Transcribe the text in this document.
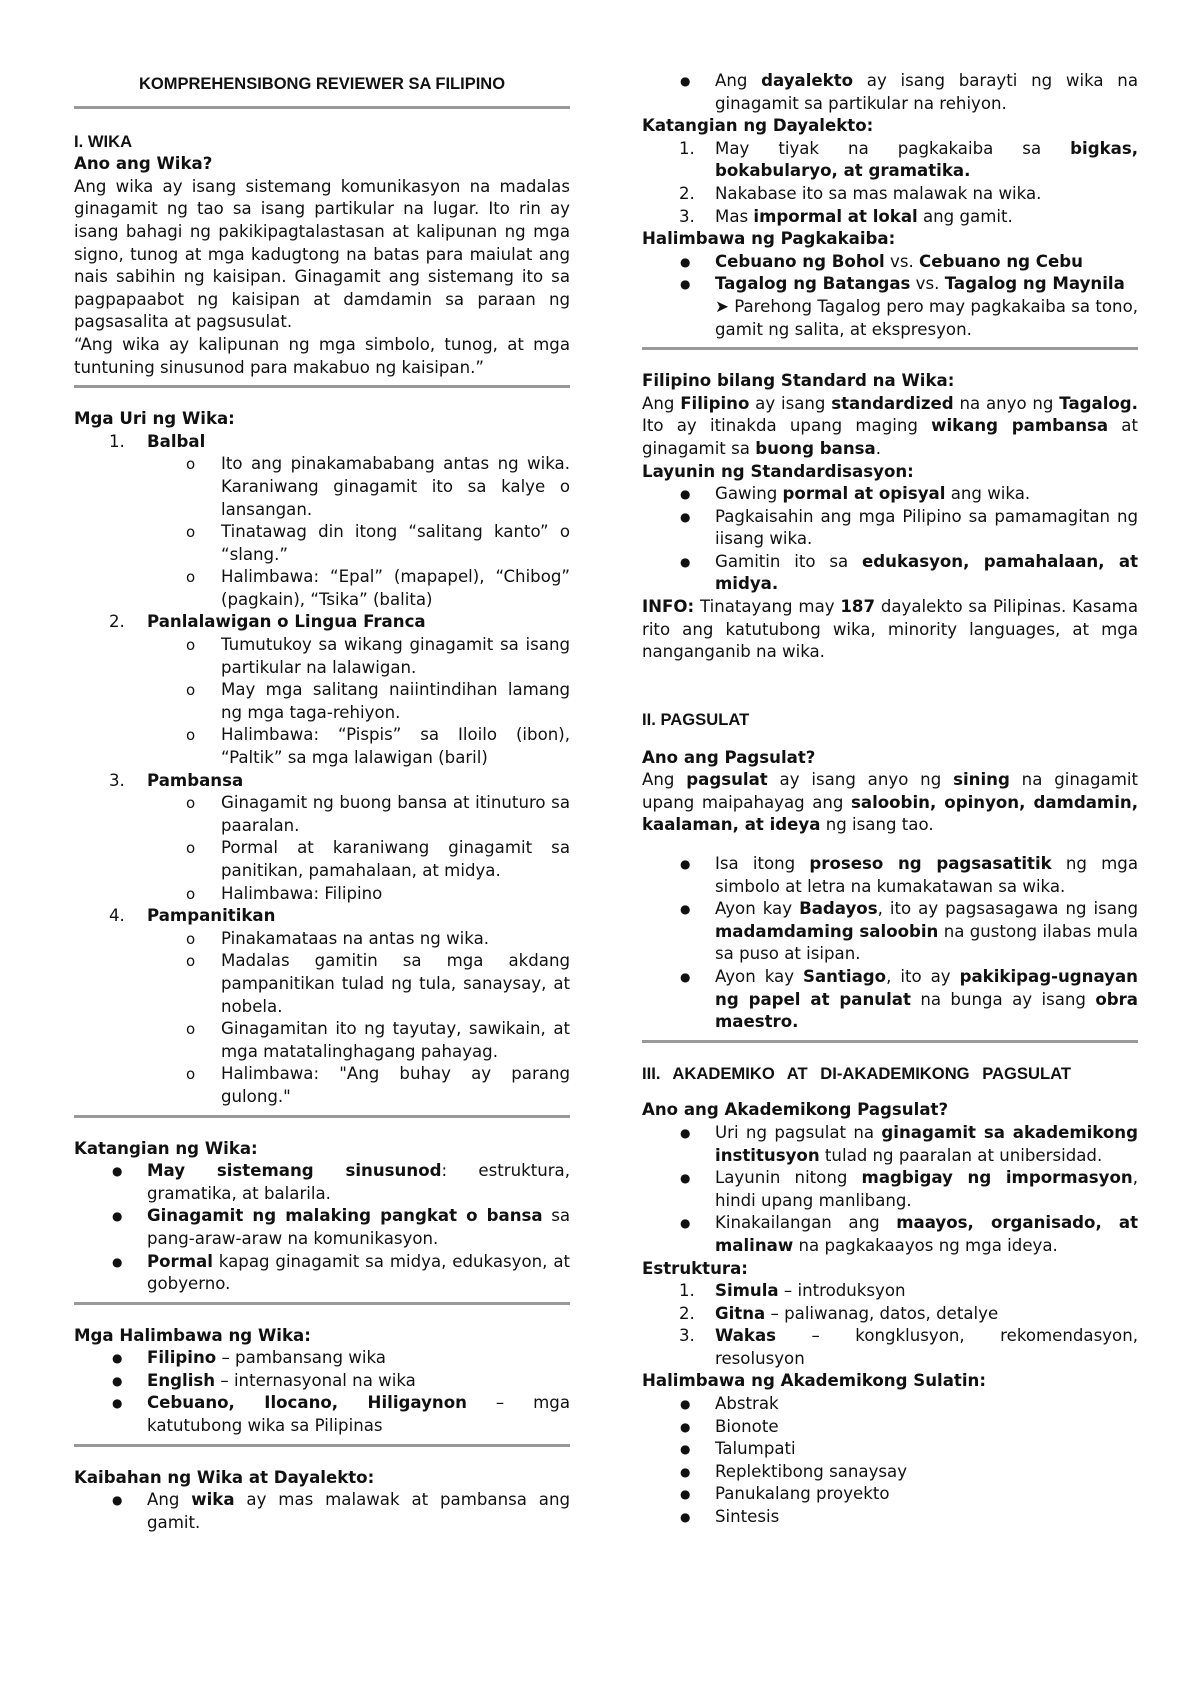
KOMPREHENSIBONG REVIEWER SA FILIPINO
I. WIKA
Ano ang Wika?

Ang wika ay isang sistemang komunikasyon na madalas ginagamit ng tao sa isang partikular na lugar. Ito rin ay isang bahagi ng pakikipagtalastasan at kalipunan ng mga signo, tunog at mga kadugtong na batas para maiulat ang nais sabihin ng kaisipan. Ginagamit ang sistemang ito sa pagpapaabot ng kaisipan at damdamin sa paraan ng pagsasalita at pagsusulat.

“Ang wika ay kalipunan ng mga simbolo, tunog, at mga tuntuning sinusunod para makabuo ng kaisipan.”

Mga Uri ng Wika:
1. Balbal
o Ito ang pinakamababang antas ng wika. Karaniwang ginagamit ito sa kalye o lansangan.
o Tinatawag din itong “salitang kanto” o “slang.”
o Halimbawa: “Epal” (mapapel), “Chibog” (pagkain), “Tsika” (balita)
2. Panlalawigan o Lingua Franca
o Tumutukoy sa wikang ginagamit sa isang partikular na lalawigan.
o May mga salitang naiintindihan lamang ng mga taga-rehiyon.
o Halimbawa: “Pispis” sa Iloilo (ibon), “Paltik” sa mga lalawigan (baril)
3. Pambansa
o Ginagamit ng buong bansa at itinuturo sa paaralan.
o Pormal at karaniwang ginagamit sa panitikan, pamahalaan, at midya.
o Halimbawa: Filipino
4. Pampanitikan
o Pinakamataas na antas ng wika.
o Madalas gamitin sa mga akdang pampanitikan tulad ng tula, sanaysay, at nobela.
o Ginagamitan ito ng tayutay, sawikain, at mga matatalinghagang pahayag.
o Halimbawa: "Ang buhay ay parang gulong."
Katangian ng Wika:
● May sistemang sinusunod: estruktura, gramatika, at balarila.
● Ginagamit ng malaking pangkat o bansa sa pang-araw-araw na komunikasyon.
● Pormal kapag ginagamit sa midya, edukasyon, at gobyerno.
Mga Halimbawa ng Wika:
● Filipino – pambansang wika
● English – internasyonal na wika
● Cebuano, Ilocano, Hiligaynon – mga katutubong wika sa Pilipinas
Kaibahan ng Wika at Dayalekto:
● Ang wika ay mas malawak at pambansa ang gamit.
● Ang dayalekto ay isang barayti ng wika na ginagamit sa partikular na rehiyon.
Katangian ng Dayalekto:
1. May tiyak na pagkakaiba sa bigkas, bokabularyo, at gramatika.
2. Nakabase ito sa mas malawak na wika.
3. Mas impormal at lokal ang gamit.
Halimbawa ng Pagkakaiba:
● Cebuano ng Bohol vs. Cebuano ng Cebu
● Tagalog ng Batangas vs. Tagalog ng Maynila
➤ Parehong Tagalog pero may pagkakaiba sa tono, gamit ng salita, at ekspresyon.
Filipino bilang Standard na Wika:

Ang Filipino ay isang standardized na anyo ng Tagalog. Ito ay itinakda upang maging wikang pambansa at ginagamit sa buong bansa.

Layunin ng Standardisasyon:
● Gawing pormal at opisyal ang wika.
● Pagkaisahin ang mga Pilipino sa pamamagitan ng iisang wika.
● Gamitin ito sa edukasyon, pamahalaan, at midya.

INFO: Tinatayang may 187 dayalekto sa Pilipinas. Kasama rito ang katutubong wika, minority languages, at mga nanganganib na wika.

II. PAGSULAT
Ano ang Pagsulat?

Ang pagsulat ay isang anyo ng sining na ginagamit upang maipahayag ang saloobin, opinyon, damdamin, kaalaman, at ideya ng isang tao.

● Isa itong proseso ng pagsasatitik ng mga simbolo at letra na kumakatawan sa wika.
● Ayon kay Badayos, ito ay pagsasagawa ng isang madamdaming saloobin na gustong ilabas mula sa puso at isipan.
● Ayon kay Santiago, ito ay pakikipag-ugnayan ng papel at panulat na bunga ay isang obra maestro.
III. AKADEMIKO AT DI-AKADEMIKONG PAGSULAT
Ano ang Akademikong Pagsulat?
● Uri ng pagsulat na ginagamit sa akademikong institusyon tulad ng paaralan at unibersidad.
● Layunin nitong magbigay ng impormasyon, hindi upang manlibang.
● Kinakailangan ang maayos, organisado, at malinaw na pagkakaayos ng mga ideya.
Estruktura:
1. Simula – introduksyon
2. Gitna – paliwanag, datos, detalye
3. Wakas – kongklusyon, rekomendasyon, resolusyon
Halimbawa ng Akademikong Sulatin:
● Abstrak
● Bionote
● Talumpati
● Replektibong sanaysay
● Panukalang proyekto
● Sintesis
